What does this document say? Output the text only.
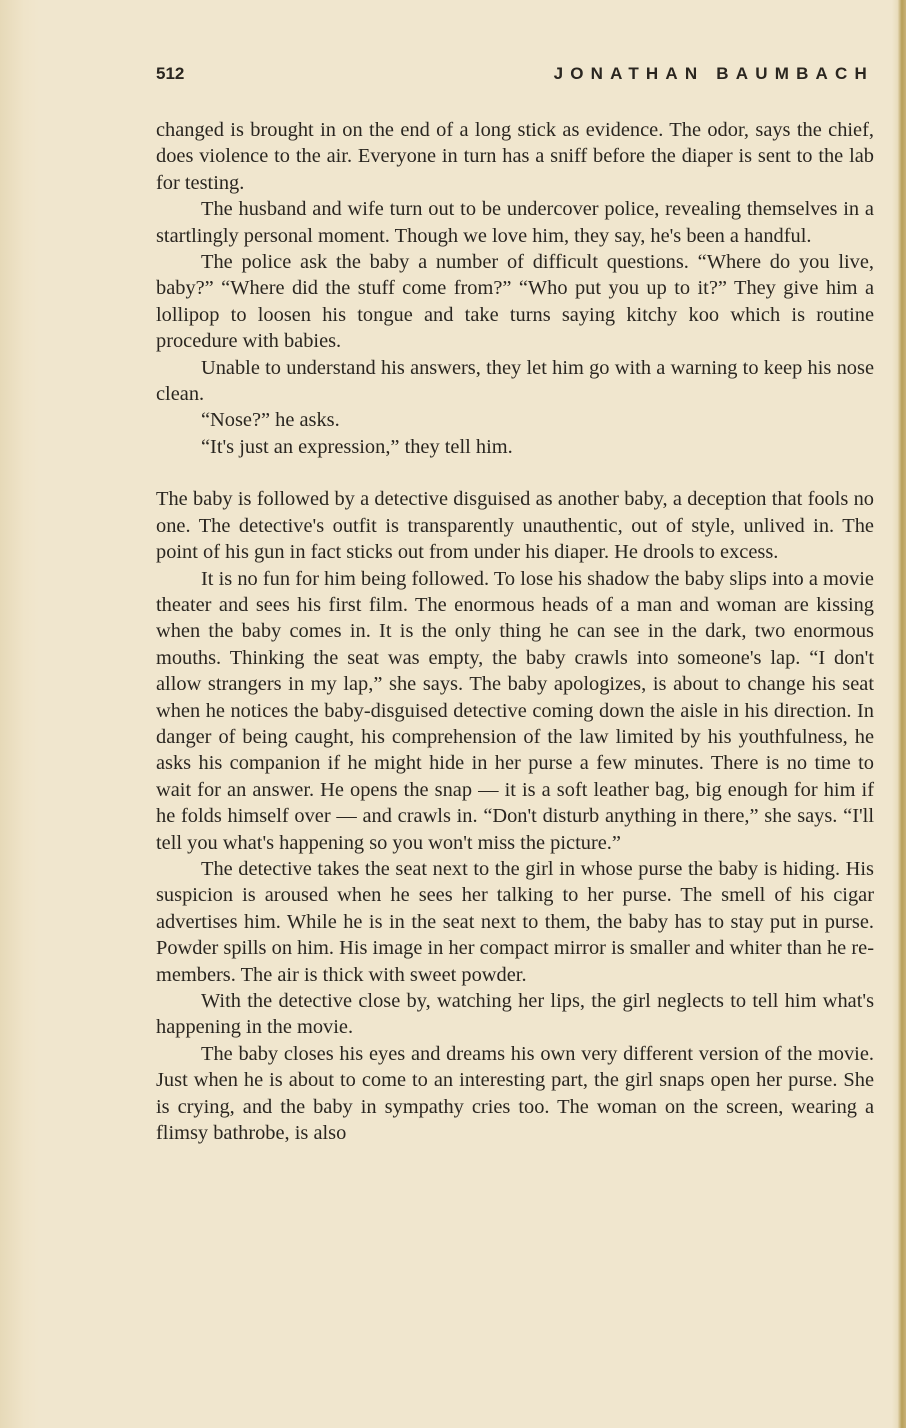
512	JONATHAN BAUMBACH

changed is brought in on the end of a long stick as evidence. The odor, says the chief, does violence to the air. Everyone in turn has a sniff before the diaper is sent to the lab for testing.

The husband and wife turn out to be undercover police, revealing themselves in a startlingly personal moment. Though we love him, they say, he's been a handful.

The police ask the baby a number of difficult questions. “Where do you live, baby?” “Where did the stuff come from?” “Who put you up to it?” They give him a lollipop to loosen his tongue and take turns saying kitchy koo which is routine procedure with babies.

Unable to understand his answers, they let him go with a warning to keep his nose clean.

“Nose?” he asks.

“It's just an expression,” they tell him.

The baby is followed by a detective disguised as another baby, a deception that fools no one. The detective's outfit is transparently unauthentic, out of style, unlived in. The point of his gun in fact sticks out from under his diaper. He drools to excess.

It is no fun for him being followed. To lose his shadow the baby slips into a movie theater and sees his first film. The enormous heads of a man and woman are kissing when the baby comes in. It is the only thing he can see in the dark, two enormous mouths. Thinking the seat was empty, the baby crawls into someone's lap. “I don't allow strangers in my lap,” she says. The baby apologizes, is about to change his seat when he notices the baby-disguised detective coming down the aisle in his direction. In danger of being caught, his comprehension of the law limited by his youthfulness, he asks his companion if he might hide in her purse a few minutes. There is no time to wait for an answer. He opens the snap — it is a soft leather bag, big enough for him if he folds himself over — and crawls in. “Don't disturb anything in there,” she says. “I'll tell you what's happening so you won't miss the picture.”

The detective takes the seat next to the girl in whose purse the baby is hiding. His suspicion is aroused when he sees her talking to her purse. The smell of his cigar advertises him. While he is in the seat next to them, the baby has to stay put in purse. Powder spills on him. His image in her compact mirror is smaller and whiter than he remembers. The air is thick with sweet powder.

With the detective close by, watching her lips, the girl neglects to tell him what's happening in the movie.

The baby closes his eyes and dreams his own very different version of the movie. Just when he is about to come to an interesting part, the girl snaps open her purse. She is crying, and the baby in sympathy cries too. The woman on the screen, wearing a flimsy bathrobe, is also
